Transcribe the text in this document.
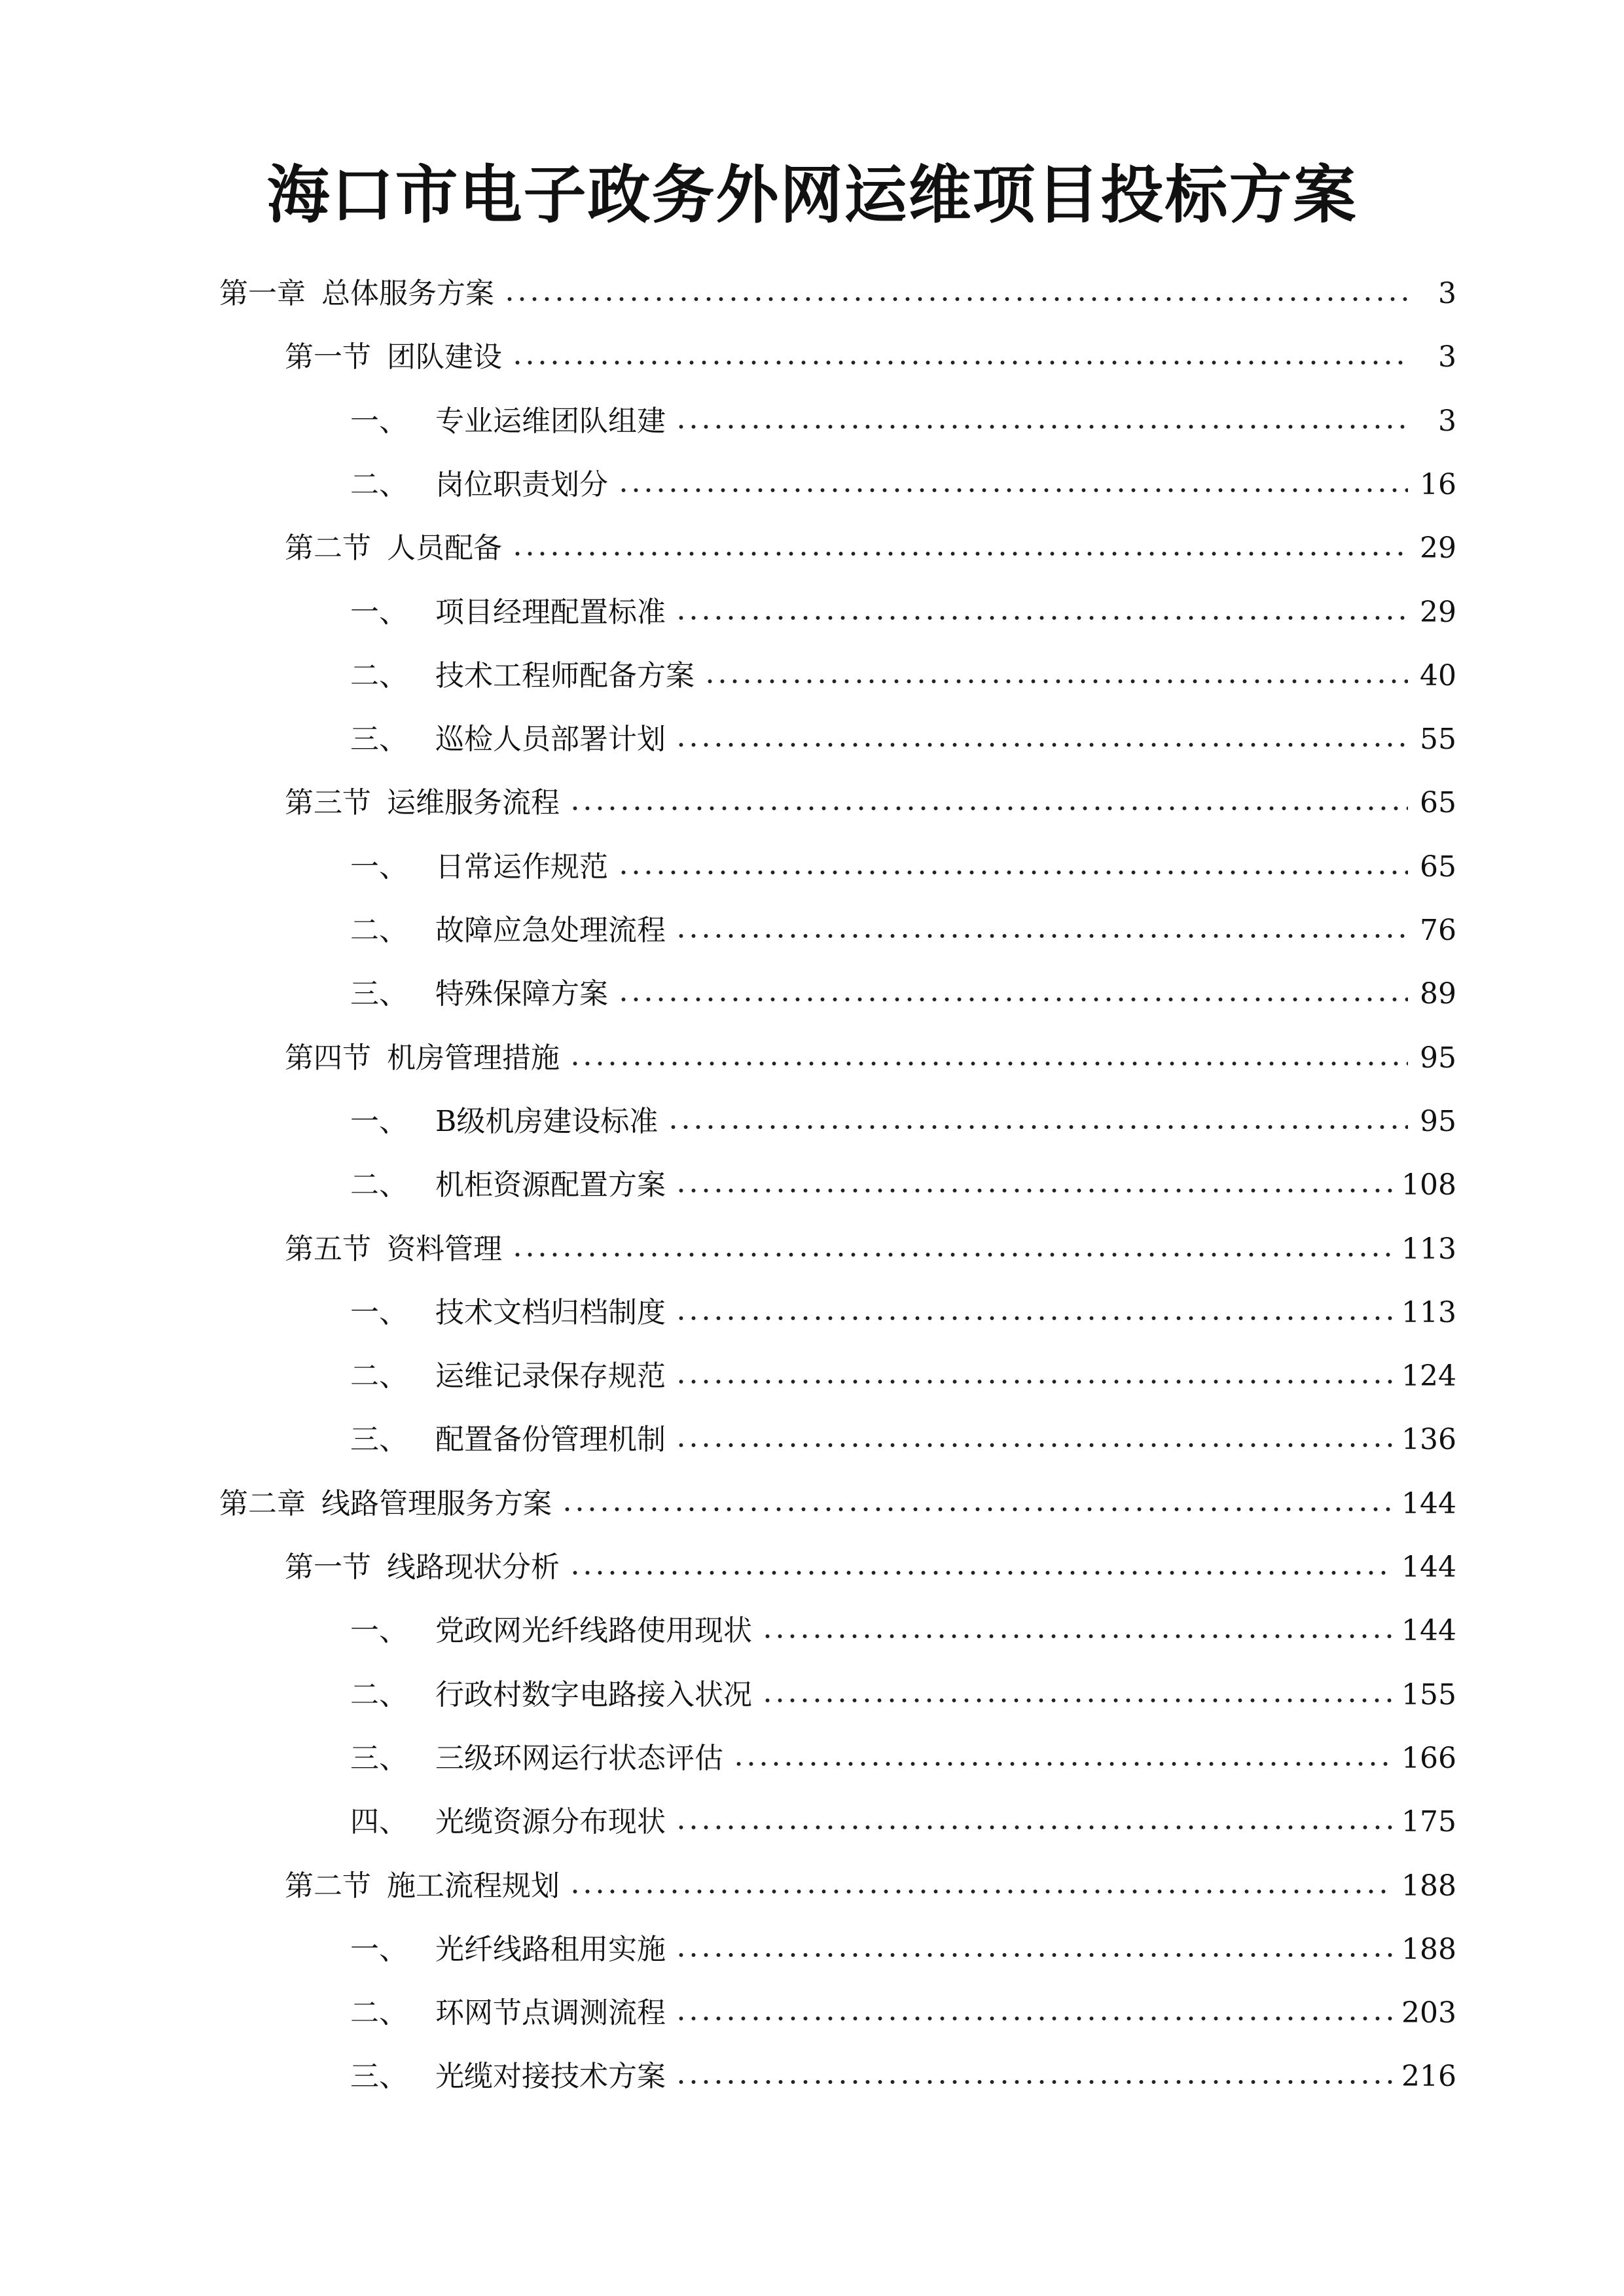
海口市电子政务外网运维项目投标方案
第一章 总体服务方案	3
第一节 团队建设	3
一、 专业运维团队组建	3
二、 岗位职责划分	16
第二节 人员配备	29
一、 项目经理配置标准	29
二、 技术工程师配备方案	40
三、 巡检人员部署计划	55
第三节 运维服务流程	65
一、 日常运作规范	65
二、 故障应急处理流程	76
三、 特殊保障方案	89
第四节 机房管理措施	95
一、 B级机房建设标准	95
二、 机柜资源配置方案	108
第五节 资料管理	113
一、 技术文档归档制度	113
二、 运维记录保存规范	124
三、 配置备份管理机制	136
第二章 线路管理服务方案	144
第一节 线路现状分析	144
一、 党政网光纤线路使用现状	144
二、 行政村数字电路接入状况	155
三、 三级环网运行状态评估	166
四、 光缆资源分布现状	175
第二节 施工流程规划	188
一、 光纤线路租用实施	188
二、 环网节点调测流程	203
三、 光缆对接技术方案	216
